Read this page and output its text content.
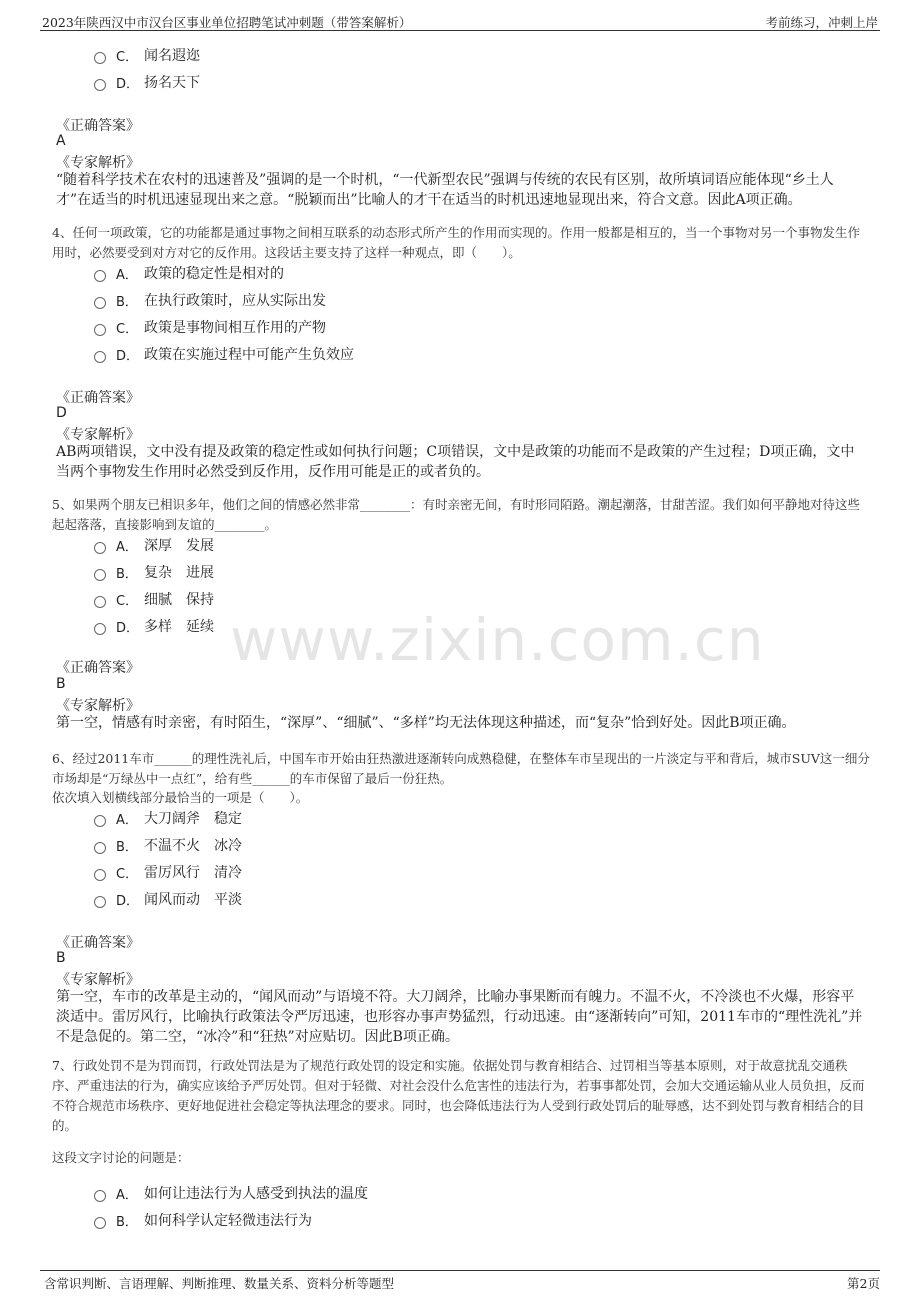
2023年陕西汉中市汉台区事业单位招聘笔试冲刺题（带答案解析）	考前练习，冲刺上岸
C． 闻名遐迩
D． 扬名天下
《正确答案》
A
《专家解析》
“随着科学技术在农村的迅速普及”强调的是一个时机，“一代新型农民”强调与传统的农民有区别，故所填词语应能体现“乡土人才”在适当的时机迅速显现出来之意。“脱颖而出”比喻人的才干在适当的时机迅速地显现出来，符合文意。因此A项正确。
4、任何一项政策，它的功能都是通过事物之间相互联系的动态形式所产生的作用而实现的。作用一般都是相互的，当一个事物对另一个事物发生作用时，必然要受到对方对它的反作用。这段话主要支持了这样一种观点，即（　　）。
A． 政策的稳定性是相对的
B． 在执行政策时，应从实际出发
C． 政策是事物间相互作用的产物
D． 政策在实施过程中可能产生负效应
《正确答案》
D
《专家解析》
AB两项错误，文中没有提及政策的稳定性或如何执行问题；C项错误，文中是政策的功能而不是政策的产生过程；D项正确，文中当两个事物发生作用时必然受到反作用，反作用可能是正的或者负的。
5、如果两个朋友已相识多年，他们之间的情感必然非常________：有时亲密无间，有时形同陌路。潮起潮落，甘甜苦涩。我们如何平静地对待这些起起落落，直接影响到友谊的________。
A． 深厚　发展
B． 复杂　进展
C． 细腻　保持
D． 多样　延续
《正确答案》
B
《专家解析》
第一空，情感有时亲密，有时陌生，“深厚”、“细腻”、“多样”均无法体现这种描述，而“复杂”恰到好处。因此B项正确。
6、经过2011车市______的理性洗礼后，中国车市开始由狂热激进逐渐转向成熟稳健，在整体车市呈现出的一片淡定与平和背后，城市SUV这一细分市场却是“万绿丛中一点红”，给有些______的车市保留了最后一份狂热。
依次填入划横线部分最恰当的一项是（　　）。
A． 大刀阔斧　稳定
B． 不温不火　冰冷
C． 雷厉风行　清冷
D． 闻风而动　平淡
《正确答案》
B
《专家解析》
第一空，车市的改革是主动的，“闻风而动”与语境不符。大刀阔斧，比喻办事果断而有魄力。不温不火，不冷淡也不火爆，形容平淡适中。雷厉风行，比喻执行政策法令严厉迅速，也形容办事声势猛烈，行动迅速。由“逐渐转向”可知，2011车市的“理性洗礼”并不是急促的。第二空，“冰冷”和“狂热”对应贴切。因此B项正确。
7、行政处罚不是为罚而罚，行政处罚法是为了规范行政处罚的设定和实施。依据处罚与教育相结合、过罚相当等基本原则，对于故意扰乱交通秩序、严重违法的行为，确实应该给予严厉处罚。但对于轻微、对社会没什么危害性的违法行为，若事事都处罚，会加大交通运输从业人员负担，反而不符合规范市场秩序、更好地促进社会稳定等执法理念的要求。同时，也会降低违法行为人受到行政处罚后的耻辱感，达不到处罚与教育相结合的目的。
这段文字讨论的问题是：
A． 如何让违法行为人感受到执法的温度
B． 如何科学认定轻微违法行为
www.zixin.com.cn
含常识判断、言语理解、判断推理、数量关系、资料分析等题型	第2页
